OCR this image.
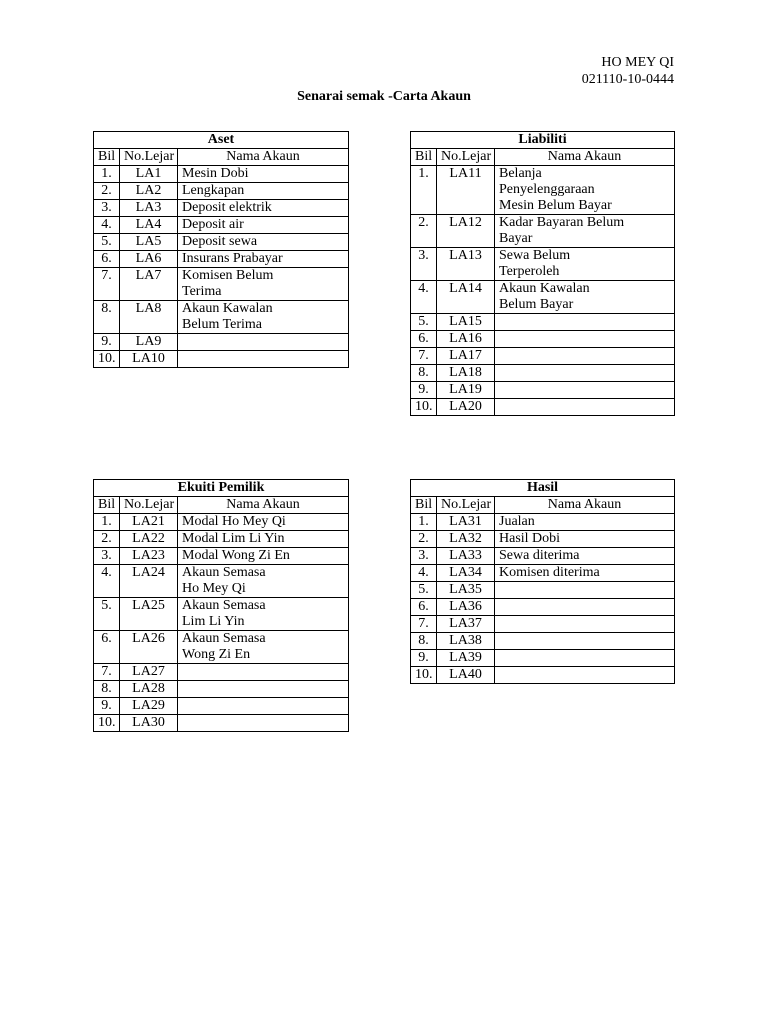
HO MEY QI
021110-10-0444
Senarai semak -Carta Akaun
Aset		
Bil	No.Lejar	Nama Akaun
1.	LA1	Mesin Dobi
2.	LA2	Lengkapan
3.	LA3	Deposit elektrik
4.	LA4	Deposit air
5.	LA5	Deposit sewa
6.	LA6	Insurans Prabayar
7.	LA7	Komisen Belum
Terima
8.	LA8	Akaun Kawalan
Belum Terima
9.	LA9	
10.	LA10	
Liabiliti		
Bil	No.Lejar	Nama Akaun
1.	LA11	Belanja
Penyelenggaraan
Mesin Belum Bayar
2.	LA12	Kadar Bayaran Belum
Bayar
3.	LA13	Sewa Belum
Terperoleh
4.	LA14	Akaun Kawalan
Belum Bayar
5.	LA15	
6.	LA16	
7.	LA17	
8.	LA18	
9.	LA19	
10.	LA20	
Ekuiti Pemilik		
Bil	No.Lejar	Nama Akaun
1.	LA21	Modal Ho Mey Qi
2.	LA22	Modal Lim Li Yin
3.	LA23	Modal Wong Zi En
4.	LA24	Akaun Semasa
Ho Mey Qi
5.	LA25	Akaun Semasa
Lim Li Yin
6.	LA26	Akaun Semasa
Wong Zi En
7.	LA27	
8.	LA28	
9.	LA29	
10.	LA30	
Hasil		
Bil	No.Lejar	Nama Akaun
1.	LA31	Jualan
2.	LA32	Hasil Dobi
3.	LA33	Sewa diterima
4.	LA34	Komisen diterima
5.	LA35	
6.	LA36	
7.	LA37	
8.	LA38	
9.	LA39	
10.	LA40	
